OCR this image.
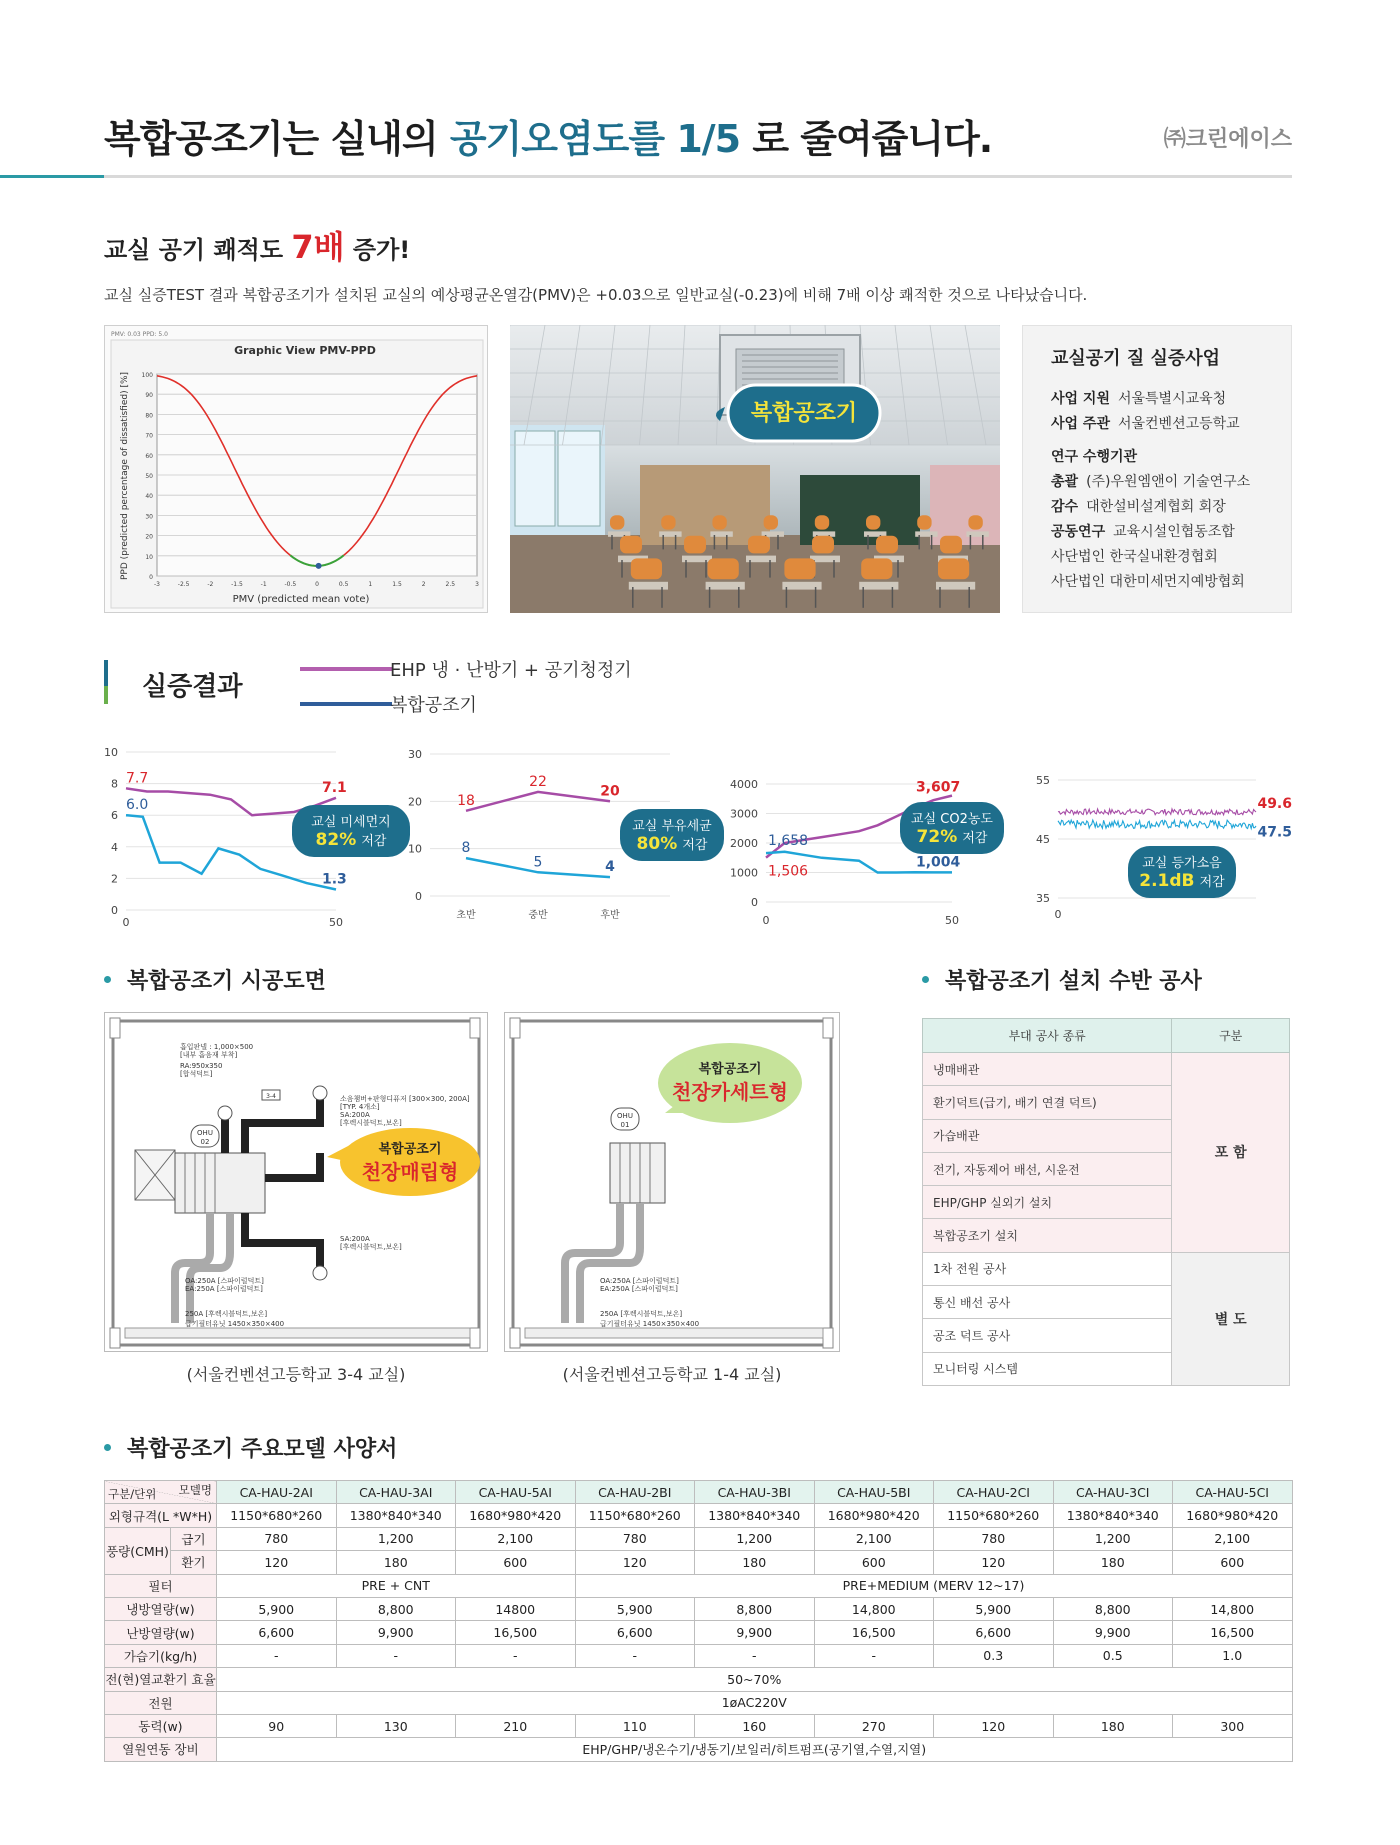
복합공조기는 실내의 공기오염도를 1/5 로 줄여줍니다.	㈜크린에이스
교실 공기 쾌적도 7배 증가!
교실 실증TEST 결과 복합공조기가 설치된 교실의 예상평균온열감(PMV)은 +0.03으로 일반교실(-0.23)에 비해 7배 이상 쾌적한 것으로 나타났습니다.
PMV: 0.03 PPD: 5.0
Graphic View PMV-PPD
100
90
80
70
60
50
40
30
20
10
0
-3	-2.5	-2	-1.5	-1	-0.5	0	0.5	1	1.5	2	2.5	3
PMV (predicted mean vote)
PPD (predicted percentage of dissatisfied) [%]	복합공조기
교실공기 질 실증사업
사업 지원 서울특별시교육청
사업 주관 서울컨벤션고등학교
연구 수행기관
총괄 (주)우원엠앤이 기술연구소
감수 대한설비설계협회 회장
공동연구 교육시설인협동조합
사단법인 한국실내환경협회
사단법인 대한미세먼지예방협회
실증결과
EHP 냉 · 난방기 + 공기청정기
복합공조기
10
8
6
4
2
0
0	50
7.7
6.0
7.1
1.3
교실 미세먼지
82% 저감
30
20
10
0
초반	중반	후반
18
22
20
8
5	4
교실 부유세균
80% 저감
4000
3000
2000
1000
0
0	50
1,506
1,658
3,607
1,004
교실 CO2농도
72% 저감
55
45
35
0
49.6
47.5
교실 등가소음
2.1dB 저감
복합공조기 시공도면
OHU
02
3-4
흡입판넬 : 1,000×500
[내부 흡음재 부착]
RA:950x350
[합석덕트]
소음챔버+판형디퓨저 [300×300, 200A]
[TYP. 4개소]
SA:200A
[후렉시블덕트,보온]
SA:200A
[후렉시블덕트,보온]
OA:250A [스파이럴덕트]
EA:250A [스파이럴덕트]
250A [후렉시블덕트,보온]
급기필터유닛 1450×350×400
복합공조기
천장매립형
(서울컨벤션고등학교 3-4 교실)
OHU
01
OA:250A [스파이럴덕트]
EA:250A [스파이럴덕트]
250A [후렉시블덕트,보온]
급기필터유닛 1450×350×400
복합공조기
천장카세트형
(서울컨벤션고등학교 1-4 교실)
복합공조기 설치 수반 공사
부대 공사 종류	구분
냉매배관	포 함
환기덕트(급기, 배기 연결 덕트)	
가습배관	
전기, 자동제어 배선, 시운전	
EHP/GHP 실외기 설치	
복합공조기 설치	
1차 전원 공사	별 도
통신 배선 공사	
공조 덕트 공사	
모니터링 시스템	
복합공조기 주요모델 사양서
모델명
구분/단위		CA-HAU-2AI	CA-HAU-3AI	CA-HAU-5AI	CA-HAU-2BI	CA-HAU-3BI	CA-HAU-5BI	CA-HAU-2CI	CA-HAU-3CI	CA-HAU-5CI
외형규격(L *W*H)		1150*680*260	1380*840*340	1680*980*420	1150*680*260	1380*840*340	1680*980*420	1150*680*260	1380*840*340	1680*980*420
풍량(CMH)	급기	780	1,200	2,100	780	1,200	2,100	780	1,200	2,100
	환기	120	180	600	120	180	600	120	180	600
필터		PRE + CNT			PRE+MEDIUM (MERV 12~17)					
냉방열량(w)		5,900	8,800	14800	5,900	8,800	14,800	5,900	8,800	14,800
난방열량(w)		6,600	9,900	16,500	6,600	9,900	16,500	6,600	9,900	16,500
가습기(kg/h)		-	-	-	-	-	-	0.3	0.5	1.0
전(현)열교환기 효율		50~70%								
전원		1øAC220V								
동력(w)		90	130	210	110	160	270	120	180	300
열원연동 장비		EHP/GHP/냉온수기/냉동기/보일러/히트펌프(공기열,수열,지열)								
